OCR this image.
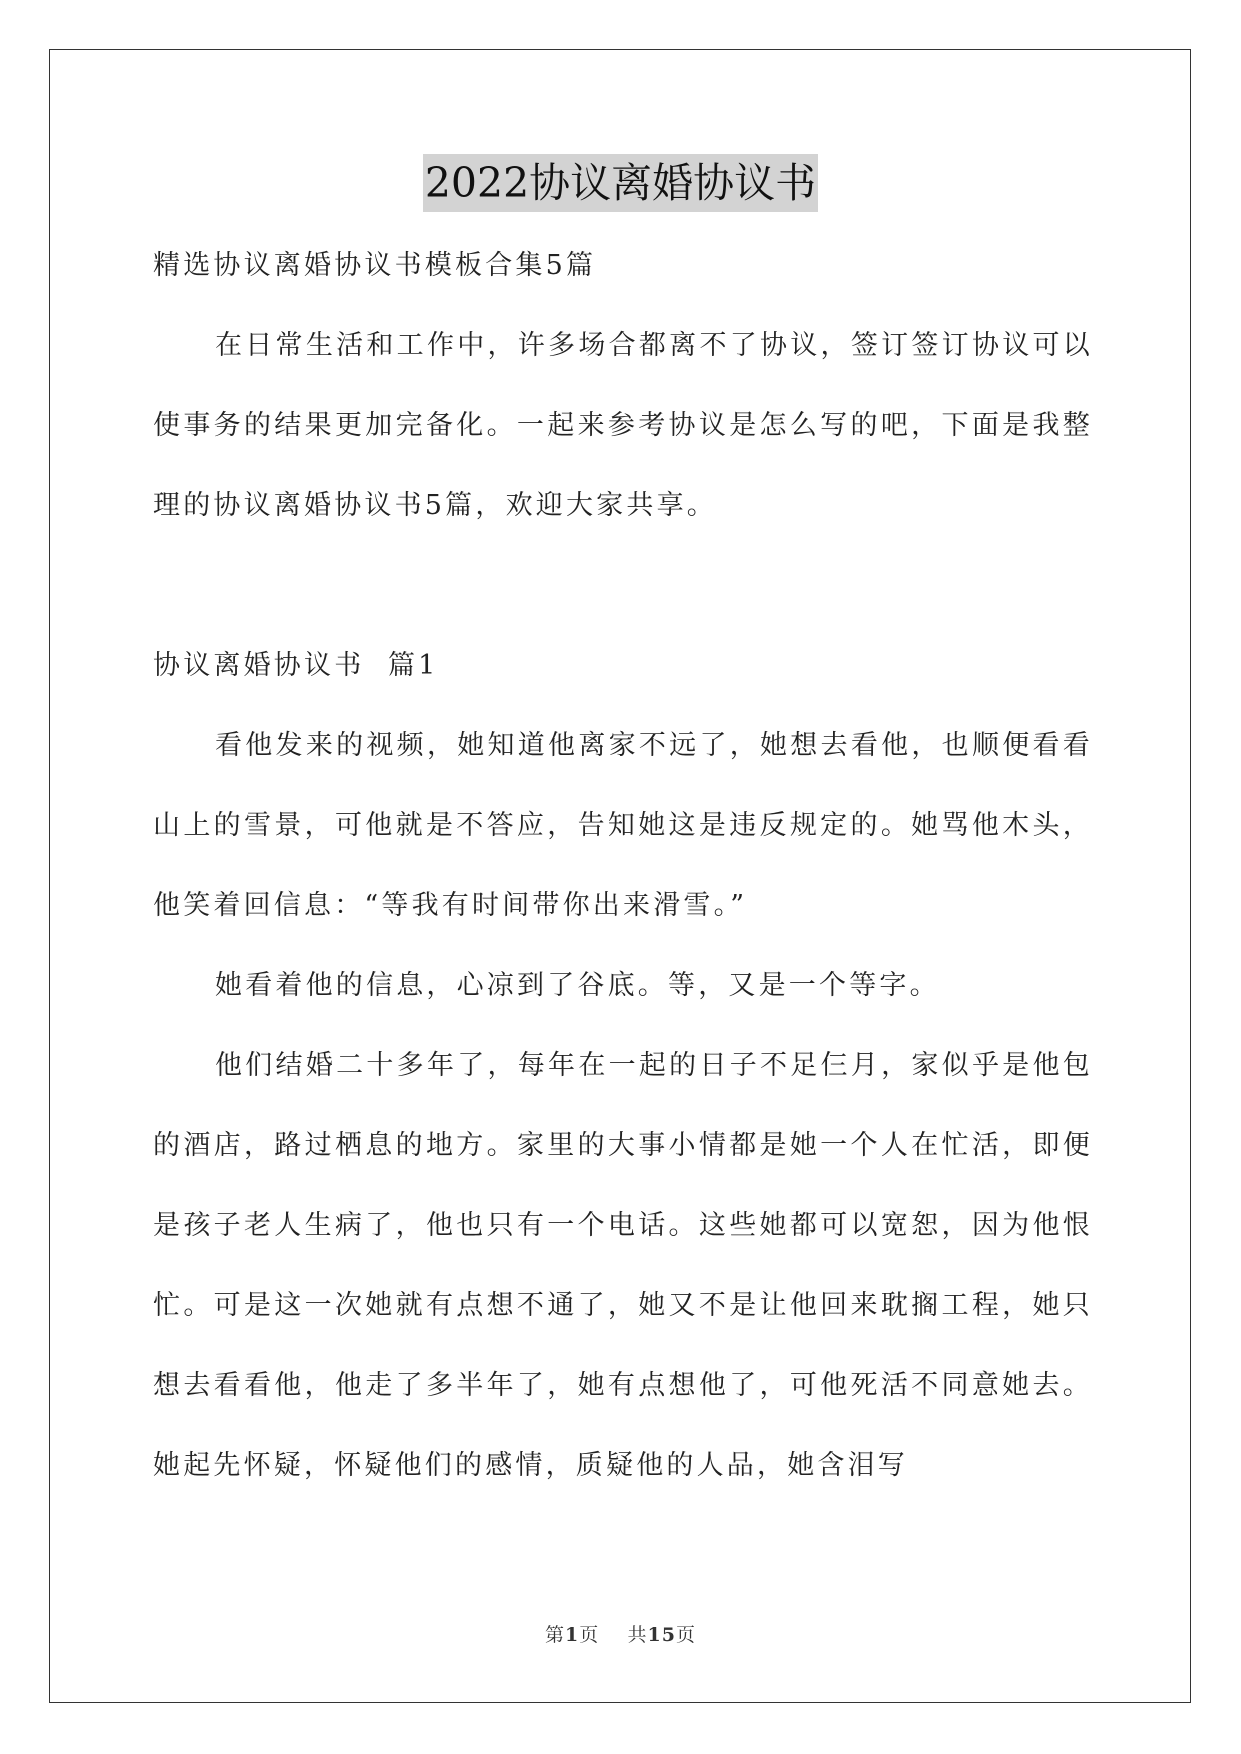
2022协议离婚协议书

精选协议离婚协议书模板合集5篇

在日常生活和工作中，许多场合都离不了协议，签订签订协议可以使事务的结果更加完备化。一起来参考协议是怎么写的吧，下面是我整理的协议离婚协议书5篇，欢迎大家共享。

协议离婚协议书  篇1

看他发来的视频，她知道他离家不远了，她想去看他，也顺便看看山上的雪景，可他就是不答应，告知她这是违反规定的。她骂他木头，他笑着回信息：“等我有时间带你出来滑雪。”

她看着他的信息，心凉到了谷底。等，又是一个等字。

他们结婚二十多年了，每年在一起的日子不足仨月，家似乎是他包的酒店，路过栖息的地方。家里的大事小情都是她一个人在忙活，即便是孩子老人生病了，他也只有一个电话。这些她都可以宽恕，因为他恨忙。可是这一次她就有点想不通了，她又不是让他回来耽搁工程，她只想去看看他，他走了多半年了，她有点想他了，可他死活不同意她去。她起先怀疑，怀疑他们的感情，质疑他的人品，她含泪写

第1页 共15页
